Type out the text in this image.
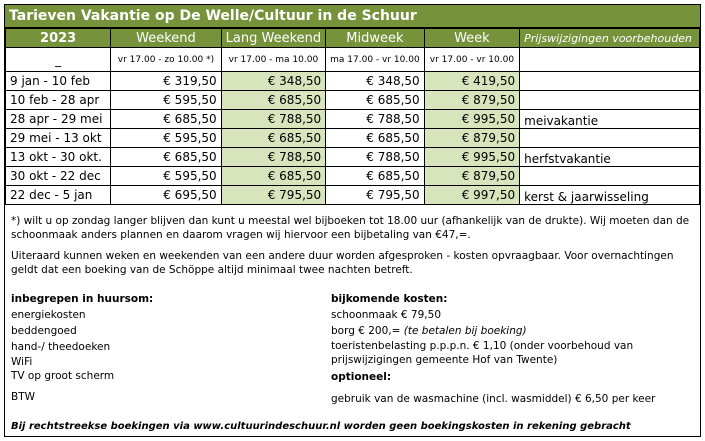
Tarieven Vakantie op De Welle/Cultuur in de Schuur
2023	Weekend	Lang Weekend	Midweek	Week	Prijswijzigingen voorbehouden
_	vr 17.00 - zo 10.00 *)	vr 17.00 - ma 10.00	ma 17.00 - vr 10.00	vr 17.00 - vr 10.00	
9 jan - 10 feb	€ 319,50	€ 348,50	€ 348,50	€ 419,50	
10 feb - 28 apr	€ 595,50	€ 685,50	€ 685,50	€ 879,50	
28 apr - 29 mei	€ 685,50	€ 788,50	€ 788,50	€ 995,50	meivakantie
29 mei - 13 okt	€ 595,50	€ 685,50	€ 685,50	€ 879,50	
13 okt - 30 okt.	€ 685,50	€ 788,50	€ 788,50	€ 995,50	herfstvakantie
30 okt - 22 dec	€ 595,50	€ 685,50	€ 685,50	€ 879,50	
22 dec - 5 jan	€ 695,50	€ 795,50	€ 795,50	€ 997,50	kerst & jaarwisseling
*) wilt u op zondag langer blijven dan kunt u meestal wel bijboeken tot 18.00 uur (afhankelijk van de drukte). Wij moeten dan de schoonmaak anders plannen en daarom vragen wij hiervoor een bijbetaling van €47,=.
Uiteraard kunnen weken en weekenden van een andere duur worden afgesproken - kosten opvraagbaar. Voor overnachtingen geldt dat een boeking van de Schöppe altijd minimaal twee nachten betreft.
inbegrepen in huursom:
energiekosten
beddengoed
hand-/ theedoeken
WiFi
TV op groot scherm
BTW
bijkomende kosten:
schoonmaak € 79,50
borg € 200,= (te betalen bij boeking)
toeristenbelasting p.p.p.n. € 1,10 (onder voorbehoud van prijswijzigingen gemeente Hof van Twente)
optioneel:
gebruik van de wasmachine (incl. wasmiddel) € 6,50 per keer
Bij rechtstreekse boekingen via www.cultuurindeschuur.nl worden geen boekingskosten in rekening gebracht
